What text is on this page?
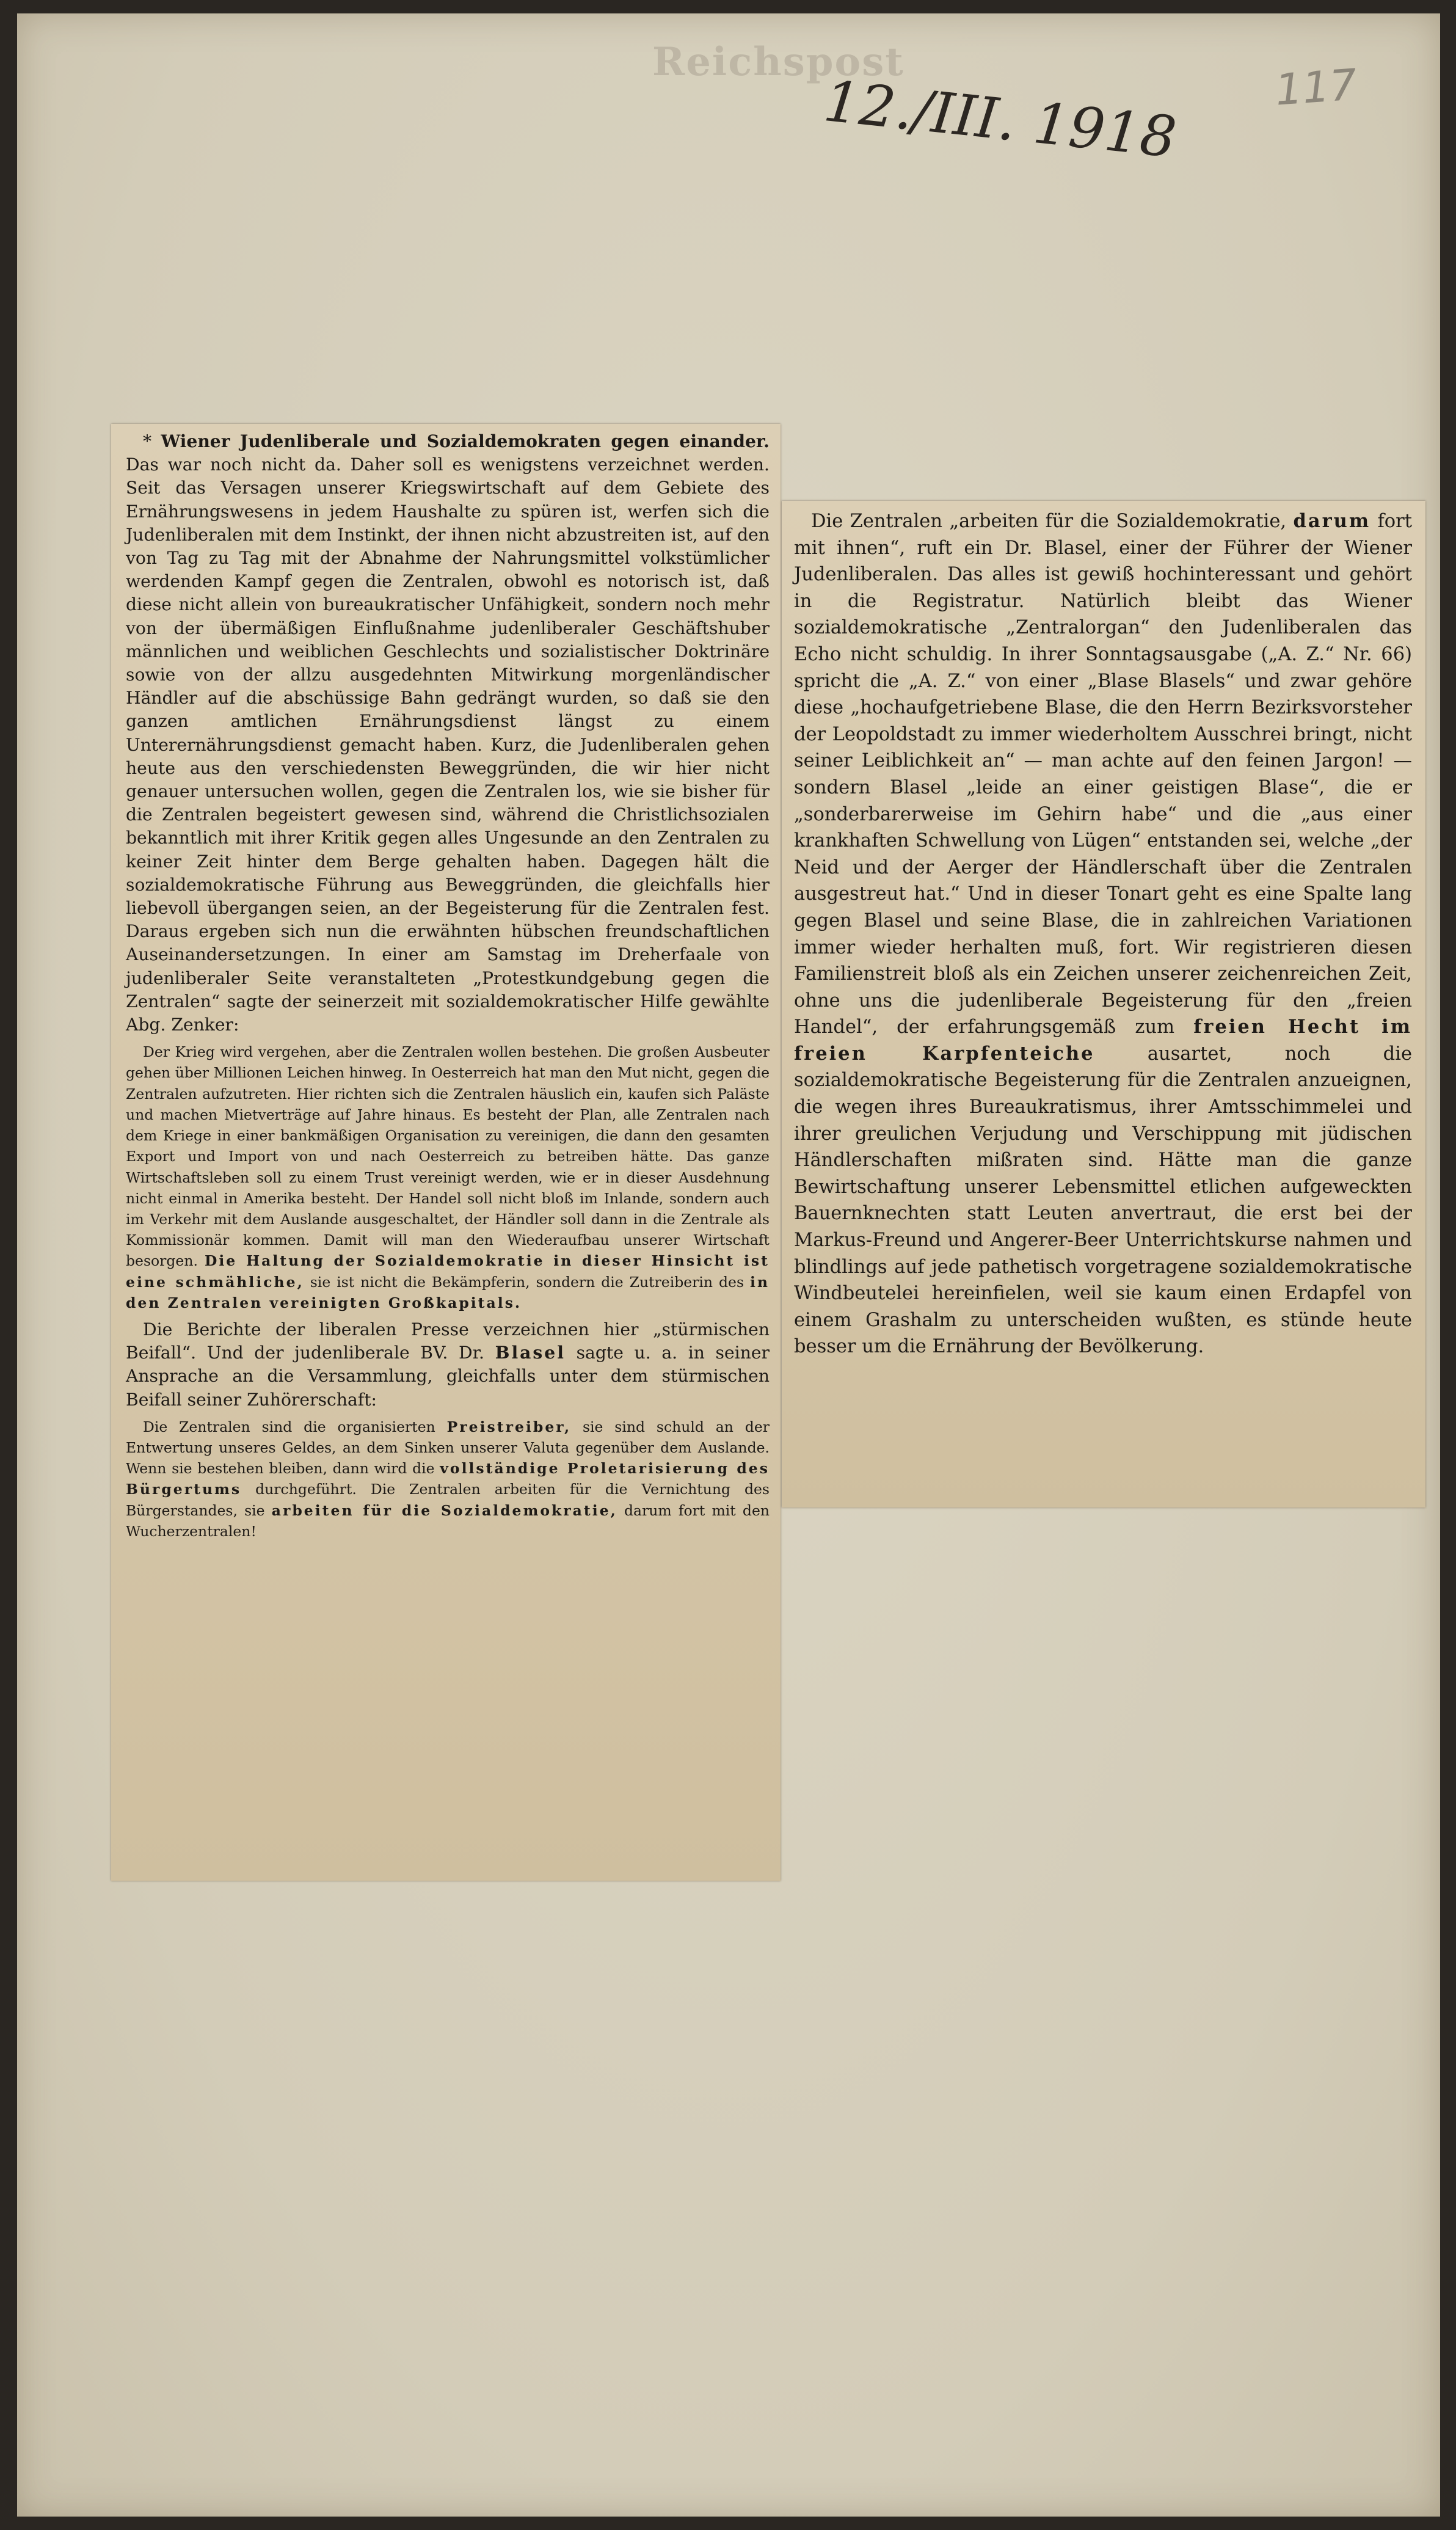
Reichspost
12./III. 1918 117

* Wiener Judenliberale und Sozialdemokraten gegen einander. Das war noch nicht da. Daher soll es wenigstens verzeichnet werden. Seit das Versagen unserer Kriegswirtschaft auf dem Gebiete des Ernährungswesens in jedem Haushalte zu spüren ist, werfen sich die Judenliberalen mit dem Instinkt, der ihnen nicht abzustreiten ist, auf den von Tag zu Tag mit der Abnahme der Nahrungsmittel volkstümlicher werdenden Kampf gegen die Zentralen, obwohl es notorisch ist, daß diese nicht allein von bureaukratischer Unfähigkeit, sondern noch mehr von der übermäßigen Einflußnahme judenliberaler Geschäftshuber männlichen und weiblichen Geschlechts und sozialistischer Doktrinäre sowie von der allzu ausgedehnten Mitwirkung morgenländischer Händler auf die abschüssige Bahn gedrängt wurden, so daß sie den ganzen amtlichen Ernährungsdienst längst zu einem Unterernährungsdienst gemacht haben. Kurz, die Judenliberalen gehen heute aus den verschiedensten Beweggründen, die wir hier nicht genauer untersuchen wollen, gegen die Zentralen los, wie sie bisher für die Zentralen begeistert gewesen sind, während die Christlichsozialen bekanntlich mit ihrer Kritik gegen alles Ungesunde an den Zentralen zu keiner Zeit hinter dem Berge gehalten haben. Dagegen hält die sozialdemokratische Führung aus Beweggründen, die gleichfalls hier liebevoll übergangen seien, an der Begeisterung für die Zentralen fest. Daraus ergeben sich nun die erwähnten hübschen freundschaftlichen Auseinandersetzungen. In einer am Samstag im Dreherfaale von judenliberaler Seite veranstalteten „Protestkundgebung gegen die Zentralen“ sagte der seinerzeit mit sozialdemokratischer Hilfe gewählte Abg. Zenker:

Der Krieg wird vergehen, aber die Zentralen wollen bestehen. Die großen Ausbeuter gehen über Millionen Leichen hinweg. In Oesterreich hat man den Mut nicht, gegen die Zentralen aufzutreten. Hier richten sich die Zentralen häuslich ein, kaufen sich Paläste und machen Mietverträge auf Jahre hinaus. Es besteht der Plan, alle Zentralen nach dem Kriege in einer bankmäßigen Organisation zu vereinigen, die dann den gesamten Export und Import von und nach Oesterreich zu betreiben hätte. Das ganze Wirtschaftsleben soll zu einem Trust vereinigt werden, wie er in dieser Ausdehnung nicht einmal in Amerika besteht. Der Handel soll nicht bloß im Inlande, sondern auch im Verkehr mit dem Auslande ausgeschaltet, der Händler soll dann in die Zentrale als Kommissionär kommen. Damit will man den Wiederaufbau unserer Wirtschaft besorgen. Die Haltung der Sozialdemokratie in dieser Hinsicht ist eine schmähliche, sie ist nicht die Bekämpferin, sondern die Zutreiberin des in den Zentralen vereinigten Großkapitals.

Die Berichte der liberalen Presse verzeichnen hier „stürmischen Beifall“. Und der judenliberale BV. Dr. Blasel sagte u. a. in seiner Ansprache an die Versammlung, gleichfalls unter dem stürmischen Beifall seiner Zuhörerschaft:

Die Zentralen sind die organisierten Preistreiber, sie sind schuld an der Entwertung unseres Geldes, an dem Sinken unserer Valuta gegenüber dem Auslande. Wenn sie bestehen bleiben, dann wird die vollständige Proletarisierung des Bürgertums durchgeführt. Die Zentralen arbeiten für die Vernichtung des Bürgerstandes, sie arbeiten für die Sozialdemokratie, darum fort mit den Wucherzentralen!

Die Zentralen „arbeiten für die Sozialdemokratie, darum fort mit ihnen“, ruft ein Dr. Blasel, einer der Führer der Wiener Judenliberalen. Das alles ist gewiß hochinteressant und gehört in die Registratur. Natürlich bleibt das Wiener sozialdemokratische „Zentralorgan“ den Judenliberalen das Echo nicht schuldig. In ihrer Sonntagsausgabe („A. Z.“ Nr. 66) spricht die „A. Z.“ von einer „Blase Blasels“ und zwar gehöre diese „hochaufgetriebene Blase, die den Herrn Bezirksvorsteher der Leopoldstadt zu immer wiederholtem Ausschrei bringt, nicht seiner Leiblichkeit an“ — man achte auf den feinen Jargon! — sondern Blasel „leide an einer geistigen Blase“, die er „sonderbarerweise im Gehirn habe“ und die „aus einer krankhaften Schwellung von Lügen“ entstanden sei, welche „der Neid und der Aerger der Händlerschaft über die Zentralen ausgestreut hat.“ Und in dieser Tonart geht es eine Spalte lang gegen Blasel und seine Blase, die in zahlreichen Variationen immer wieder herhalten muß, fort. Wir registrieren diesen Familienstreit bloß als ein Zeichen unserer zeichenreichen Zeit, ohne uns die judenliberale Begeisterung für den „freien Handel“, der erfahrungsgemäß zum freien Hecht im freien Karpfenteiche	ausartet, noch die sozialdemokratische Begeisterung für die Zentralen anzueignen, die wegen ihres Bureaukratismus, ihrer Amtsschimmelei und ihrer greulichen Verjudung und Verschippung mit jüdischen Händlerschaften mißraten sind. Hätte man die ganze Bewirtschaftung unserer Lebensmittel etlichen aufgeweckten Bauernknechten statt Leuten anvertraut, die erst bei der Markus-Freund und Angerer-Beer Unterrichtskurse nahmen und blindlings auf jede pathetisch vorgetragene sozialdemokratische Windbeutelei hereinfielen, weil sie kaum einen Erdapfel von einem Grashalm zu unterscheiden wußten, es stünde heute besser um die Ernährung der Bevölkerung.
